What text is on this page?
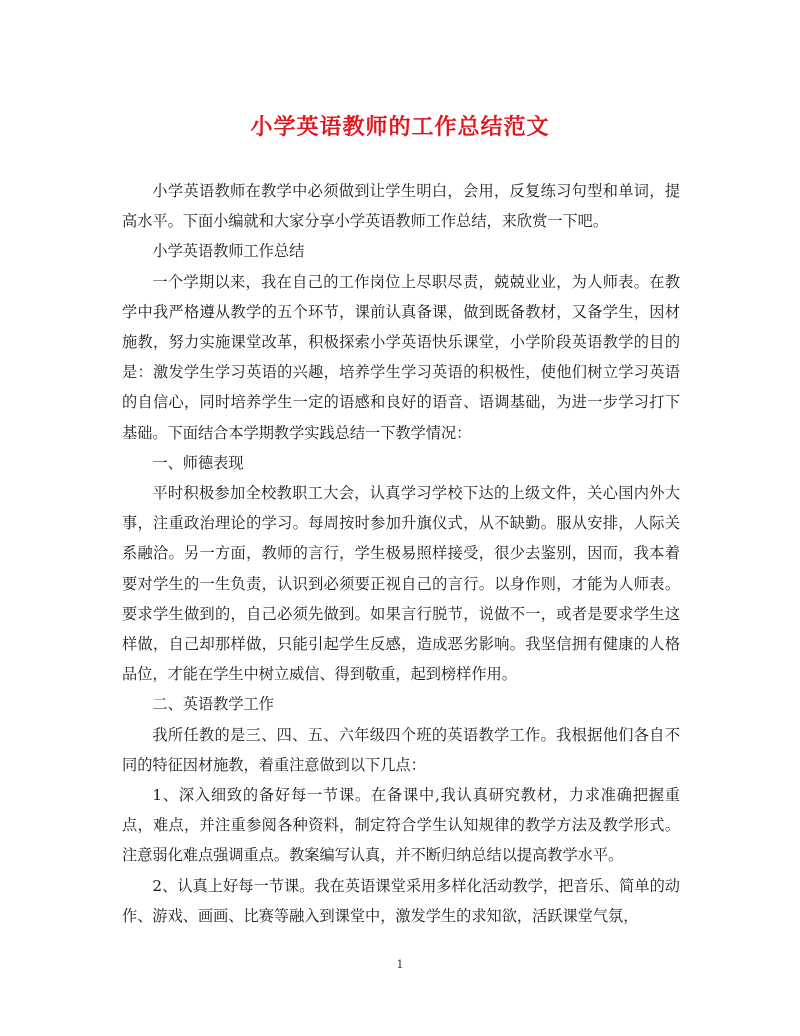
小学英语教师的工作总结范文

小学英语教师在教学中必须做到让学生明白，会用，反复练习句型和单词，提高水平。下面小编就和大家分享小学英语教师工作总结，来欣赏一下吧。

小学英语教师工作总结

一个学期以来，我在自己的工作岗位上尽职尽责，兢兢业业，为人师表。在教学中我严格遵从教学的五个环节，课前认真备课，做到既备教材，又备学生，因材施教，努力实施课堂改革，积极探索小学英语快乐课堂，小学阶段英语教学的目的是：激发学生学习英语的兴趣，培养学生学习英语的积极性，使他们树立学习英语的自信心，同时培养学生一定的语感和良好的语音、语调基础，为进一步学习打下基础。下面结合本学期教学实践总结一下教学情况：

一、师德表现

平时积极参加全校教职工大会，认真学习学校下达的上级文件，关心国内外大事，注重政治理论的学习。每周按时参加升旗仪式，从不缺勤。服从安排，人际关系融洽。另一方面，教师的言行，学生极易照样接受，很少去鉴别，因而，我本着要对学生的一生负责，认识到必须要正视自己的言行。以身作则，才能为人师表。要求学生做到的，自己必须先做到。如果言行脱节，说做不一，或者是要求学生这样做，自己却那样做，只能引起学生反感，造成恶劣影响。我坚信拥有健康的人格品位，才能在学生中树立威信、得到敬重，起到榜样作用。

二、英语教学工作

我所任教的是三、四、五、六年级四个班的英语教学工作。我根据他们各自不同的特征因材施教，着重注意做到以下几点：

1、深入细致的备好每一节课。在备课中,我认真研究教材，力求准确把握重点，难点，并注重参阅各种资料，制定符合学生认知规律的教学方法及教学形式。注意弱化难点强调重点。教案编写认真，并不断归纳总结以提高教学水平。

2、认真上好每一节课。我在英语课堂采用多样化活动教学，把音乐、简单的动作、游戏、画画、比赛等融入到课堂中，激发学生的求知欲，活跃课堂气氛，

1
